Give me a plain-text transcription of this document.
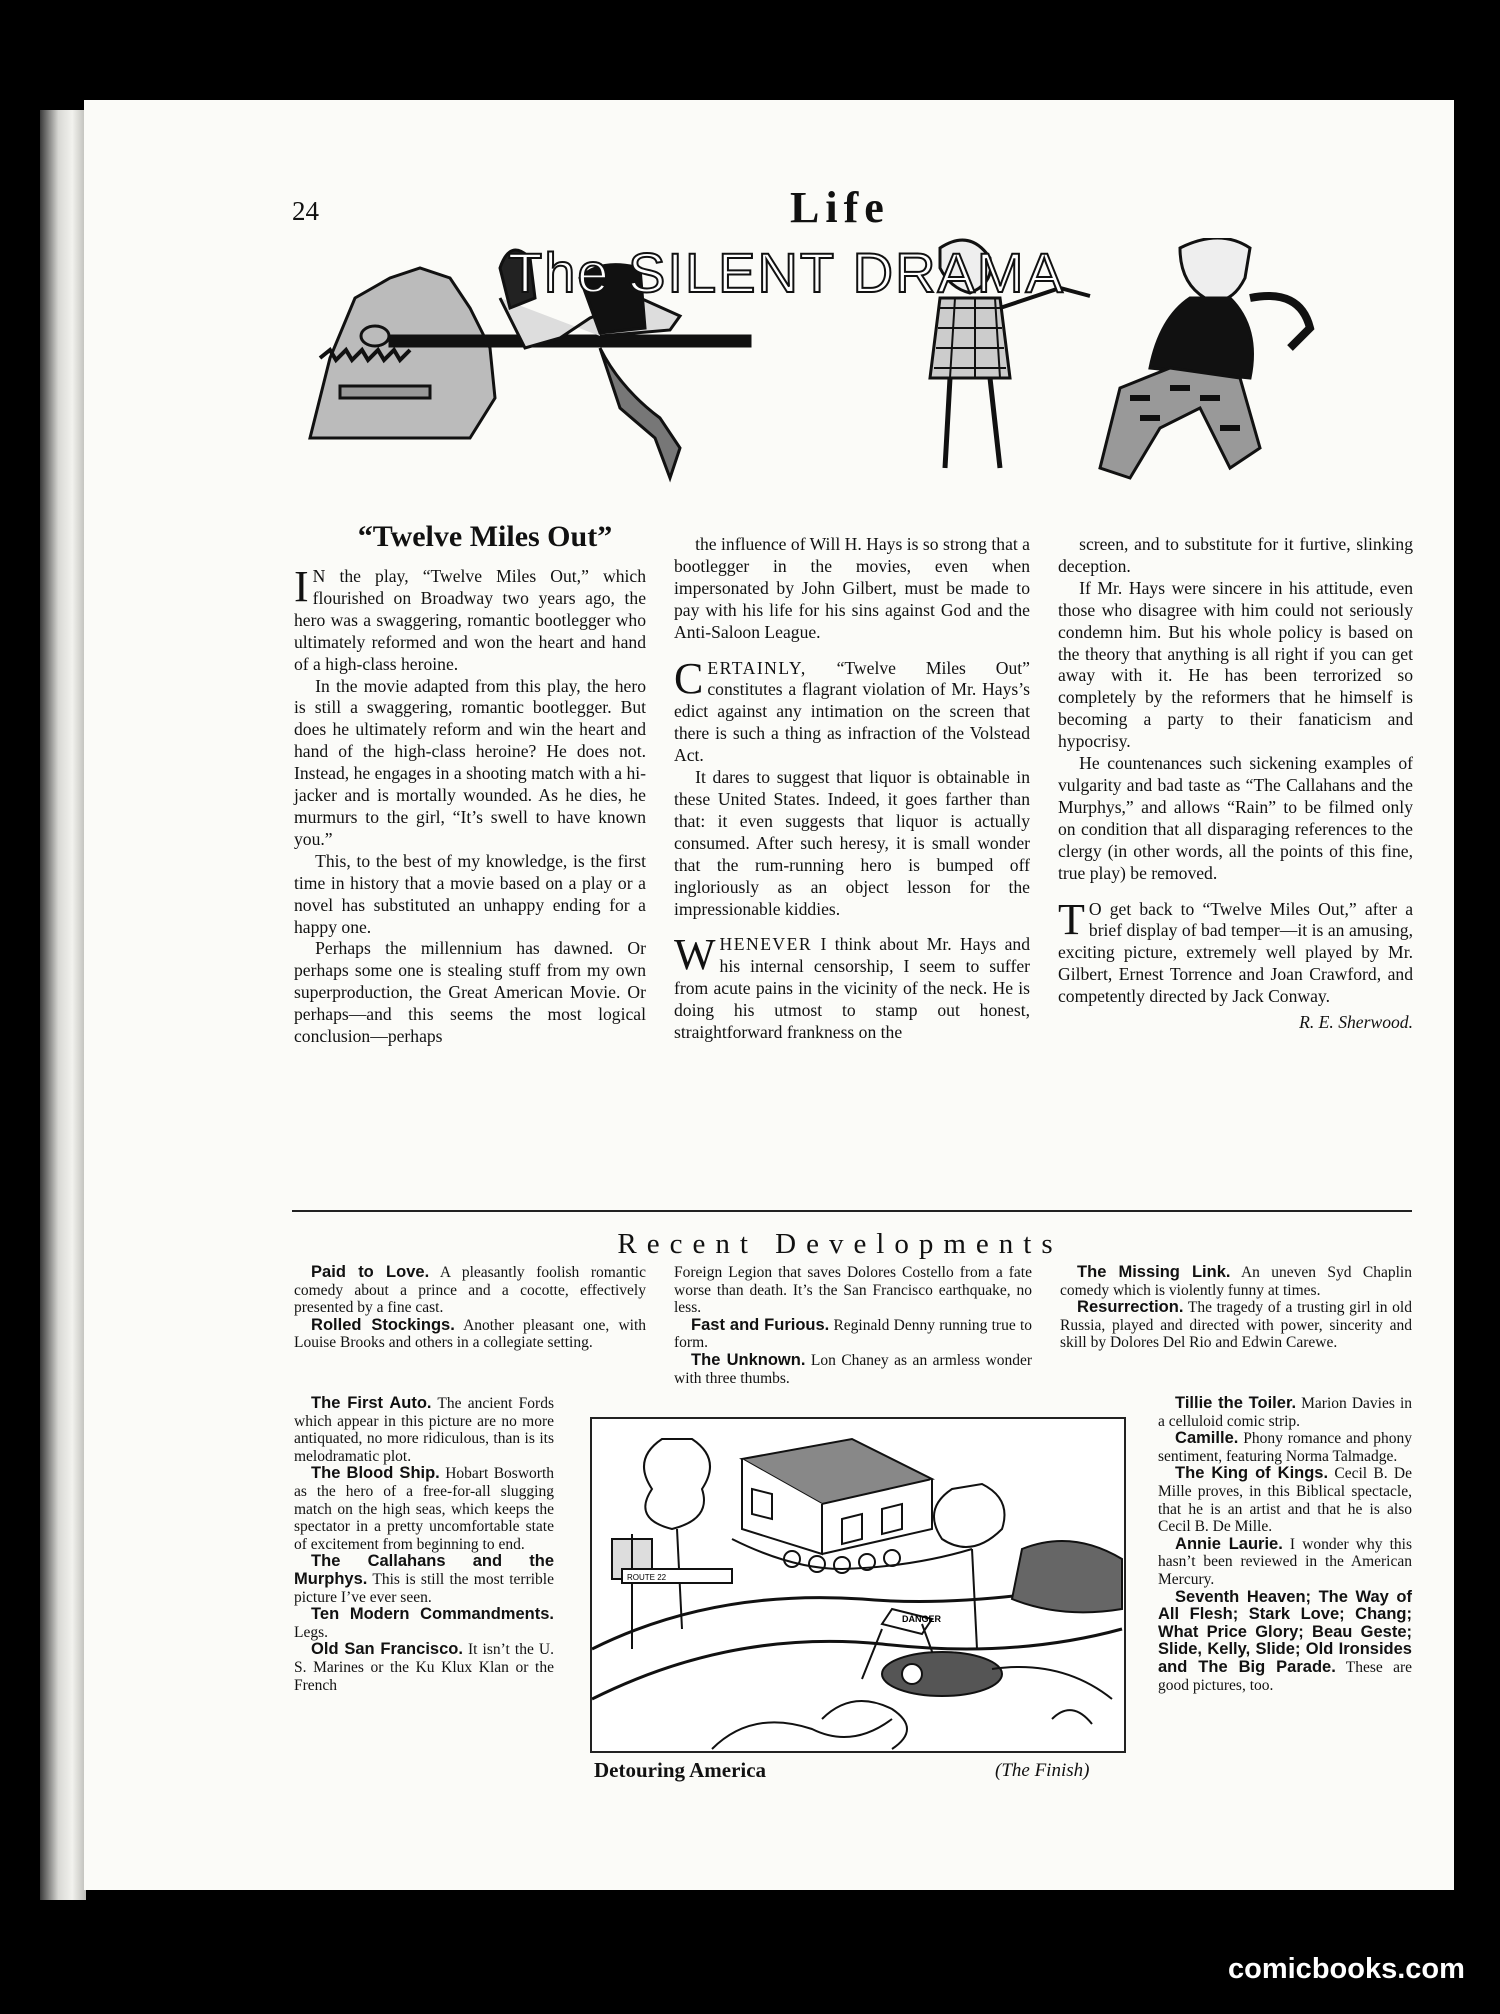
24	Life
The SILENT DRAMA
“Twelve Miles Out”

I N the play, “Twelve Miles Out,” which flourished on Broadway two years ago, the hero was a swaggering, romantic bootlegger who ultimately reformed and won the heart and hand of a high-class heroine.

In the movie adapted from this play, the hero is still a swaggering, romantic bootlegger. But does he ultimately reform and win the heart and hand of the high-class heroine? He does not. Instead, he engages in a shooting match with a hi-jacker and is mortally wounded. As he dies, he murmurs to the girl, “It’s swell to have known you.”

This, to the best of my knowledge, is the first time in history that a movie based on a play or a novel has substituted an unhappy ending for a happy one.

Perhaps the millennium has dawned. Or perhaps some one is stealing stuff from my own superproduction, the Great American Movie. Or perhaps—and this seems the most logical conclusion—perhaps

the influence of Will H. Hays is so strong that a bootlegger in the movies, even when impersonated by John Gilbert, must be made to pay with his life for his sins against God and the Anti-Saloon League.

CERTAINLY, “Twelve Miles Out” constitutes a flagrant violation of Mr. Hays’s edict against any intimation on the screen that there is such a thing as infraction of the Volstead Act.

It dares to suggest that liquor is obtainable in these United States. Indeed, it goes farther than that: it even suggests that liquor is actually consumed. After such heresy, it is small wonder that the rum-running hero is bumped off ingloriously as an object lesson for the impressionable kiddies.

WHENEVER I think about Mr. Hays and his internal censorship, I seem to suffer from acute pains in the vicinity of the neck. He is doing his utmost to stamp out honest, straightforward frankness on the

screen, and to substitute for it furtive, slinking deception.

If Mr. Hays were sincere in his attitude, even those who disagree with him could not seriously condemn him. But his whole policy is based on the theory that anything is all right if you can get away with it. He has been terrorized so completely by the reformers that he himself is becoming a party to their fanaticism and hypocrisy.

He countenances such sickening examples of vulgarity and bad taste as “The Callahans and the Murphys,” and allows “Rain” to be filmed only on condition that all disparaging references to the clergy (in other words, all the points of this fine, true play) be removed.

T O get back to “Twelve Miles Out,” after a brief display of bad temper—it is an amusing, exciting picture, extremely well played by Mr. Gilbert, Ernest Torrence and Joan Crawford, and competently directed by Jack Conway.

R. E. Sherwood.
Recent Developments

Paid to Love. A pleasantly foolish romantic comedy about a prince and a cocotte, effectively presented by a fine cast.

Rolled Stockings. Another pleasant one, with Louise Brooks and others in a collegiate setting.

The First Auto. The ancient Fords which appear in this picture are no more antiquated, no more ridiculous, than is its melodramatic plot.

The Blood Ship. Hobart Bosworth as the hero of a free-for-all slugging match on the high seas, which keeps the spectator in a pretty uncomfortable state of excitement from beginning to end.

The Callahans and the Murphys. This is still the most terrible picture I’ve ever seen.

Ten Modern Commandments. Legs.

Old San Francisco. It isn’t the U. S. Marines or the Ku Klux Klan or the French

Foreign Legion that saves Dolores Costello from a fate worse than death. It’s the San Francisco earthquake, no less.

Fast and Furious. Reginald Denny running true to form.

The Unknown. Lon Chaney as an armless wonder with three thumbs.

The Missing Link. An uneven Syd Chaplin comedy which is violently funny at times.

Resurrection. The tragedy of a trusting girl in old Russia, played and directed with power, sincerity and skill by Dolores Del Rio and Edwin Carewe.

Tillie the Toiler. Marion Davies in a celluloid comic strip.

Camille. Phony romance and phony sentiment, featuring Norma Talmadge.

The King of Kings. Cecil B. De Mille proves, in this Biblical spectacle, that he is an artist and that he is also Cecil B. De Mille.

Annie Laurie. I wonder why this hasn’t been reviewed in the American Mercury.

Seventh Heaven; The Way of All Flesh; Stark Love; Chang; What Price Glory; Beau Geste; Slide, Kelly, Slide; Old Ironsides and The Big Parade. These are good pictures, too.

DANGER
ROUTE 22
Detouring America	(The Finish)
comicbooks.com
